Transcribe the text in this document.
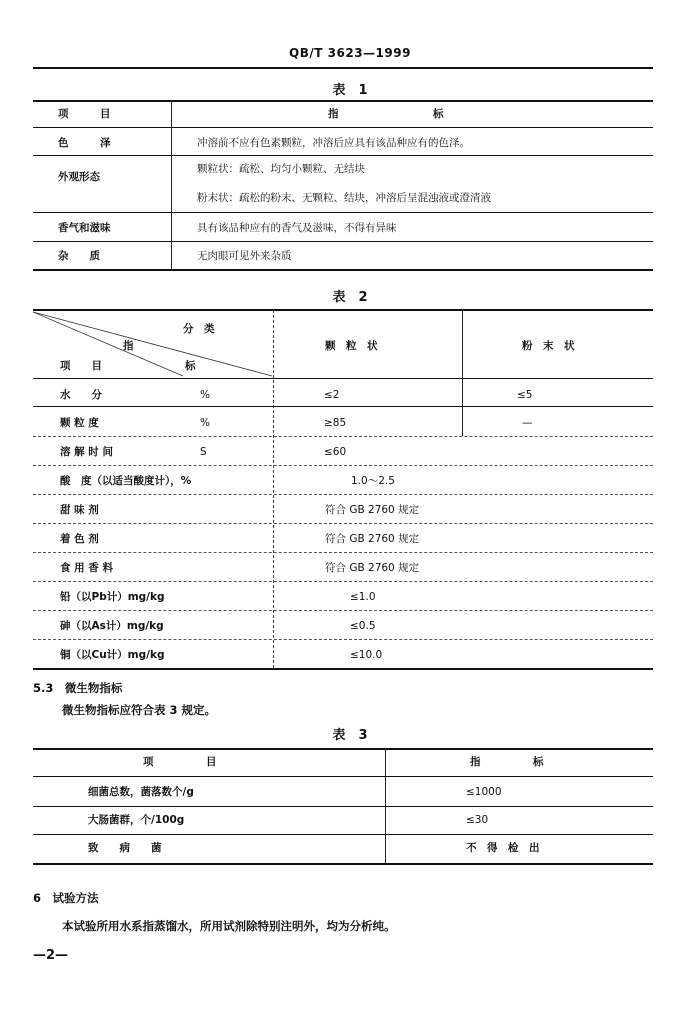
QB/T 3623—1999
表　1
项　　　目	指　　　　　　　　　标
色　　　泽	冲溶前不应有色素颗粒，冲溶后应具有该品种应有的色泽。
外观形态
颗粒状：疏松、均匀小颗粒、无结块
粉末状：疏松的粉末、无颗粒、结块，冲溶后呈混浊液或澄清液
香气和滋味	具有该品种应有的香气及滋味，不得有异味
杂　　质	无肉眼可见外来杂质
表　2
分　类
指
标
项　　目
颗　粒　状	粉　末　状
水　　分	%	≤2	≤5
颗 粒 度	%	≥85	—
溶 解 时 间	S	≤60
酸　度（以适当酸度计），%	1.0～2.5
甜 味 剂	符合 GB 2760 规定
着 色 剂	符合 GB 2760 规定
食 用 香 料	符合 GB 2760 规定
铅（以Pb计）mg/kg	≤1.0
砷（以As计）mg/kg	≤0.5
铜（以Cu计）mg/kg	≤10.0
5.3　微生物指标
微生物指标应符合表 3 规定。
表　3
项　　　　　目	指　　　　　标
细菌总数，菌落数个/g	≤1000
大肠菌群，个/100g	≤30
致　　病　　菌	不　得　检　出
6　试验方法
本试验所用水系指蒸馏水，所用试剂除特别注明外，均为分析纯。
—2—
